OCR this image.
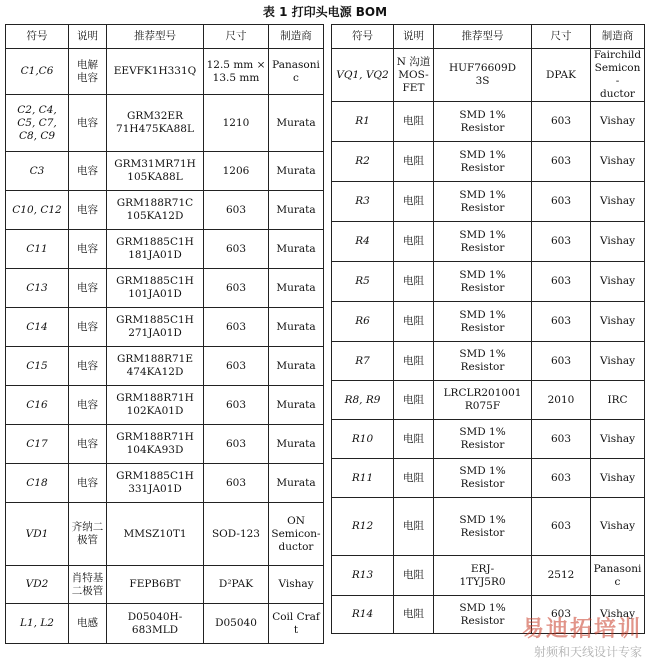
表 1 打印头电源 BOM
符号	说明	推荐型号	尺寸	制造商

C1,C6	电解
电容	EEVFK1H331Q	12.5 mm ×
13.5 mm	Panasonic

C2, C4,
C5, C7,
C8, C9	电容	GRM32ER
71H475KA88L	1210	Murata

C3	电容	GRM31MR71H
105KA88L	1206	Murata

C10, C12	电容	GRM188R71C
105KA12D	603	Murata

C11	电容	GRM1885C1H
181JA01D	603	Murata

C13	电容	GRM1885C1H
101JA01D	603	Murata

C14	电容	GRM1885C1H
271JA01D	603	Murata

C15	电容	GRM188R71E
474KA12D	603	Murata

C16	电容	GRM188R71H
102KA01D	603	Murata

C17	电容	GRM188R71H
104KA93D	603	Murata

C18	电容	GRM1885C1H
331JA01D	603	Murata

VD1	齐纳二
极管	MMSZ10T1	SOD-123	ON
Semicon-
ductor

VD2	肖特基
二极管	FEPB6BT	D²PAK	Vishay

L1, L2	电感	D05040H-
683MLD	D05040	Coil Craft
符号	说明	推荐型号	尺寸	制造商

VQ1, VQ2	N 沟道
MOS-
FET	HUF76609D
3S	DPAK	Fairchild
Semicon-
ductor

R1	电阻	SMD 1%
Resistor	603	Vishay

R2	电阻	SMD 1%
Resistor	603	Vishay

R3	电阻	SMD 1%
Resistor	603	Vishay

R4	电阻	SMD 1%
Resistor	603	Vishay

R5	电阻	SMD 1%
Resistor	603	Vishay

R6	电阻	SMD 1%
Resistor	603	Vishay

R7	电阻	SMD 1%
Resistor	603	Vishay

R8, R9	电阻	LRCLR201001
R075F	2010	IRC

R10	电阻	SMD 1%
Resistor	603	Vishay

R11	电阻	SMD 1%
Resistor	603	Vishay

R12	电阻	SMD 1%
Resistor	603	Vishay

R13	电阻	ERJ-
1TYJ5R0	2512	Panasonic

R14	电阻	SMD 1%
Resistor	603	Vishay
易迪拓培训
射频和天线设计专家
